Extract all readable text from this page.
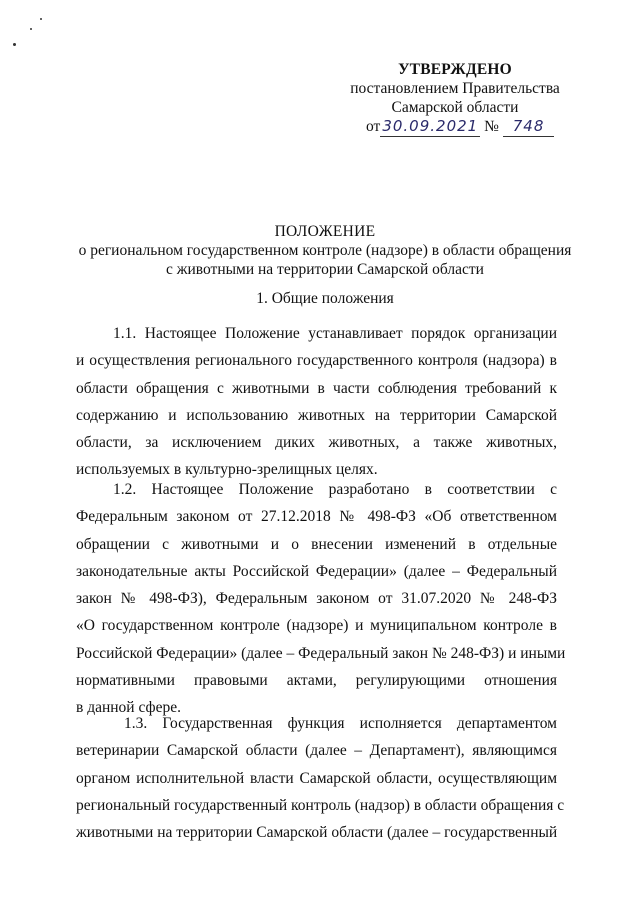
УТВЕРЖДЕНО
постановлением Правительства
Самарской области
от 30.09.2021 № 748
ПОЛОЖЕНИЕ
о региональном государственном контроле (надзоре) в области обращения
с животными на территории Самарской области
1. Общие положения
1.1. Настоящее Положение устанавливает порядок организации
и осуществления регионального государственного контроля (надзора) в
области обращения с животными в части соблюдения требований к
содержанию и использованию животных на территории Самарской
области, за исключением диких животных, а также животных,
используемых в культурно-зрелищных целях.
1.2. Настоящее Положение разработано в соответствии с
Федеральным законом от 27.12.2018 № 498-ФЗ «Об ответственном
обращении с животными и о внесении изменений в отдельные
законодательные акты Российской Федерации» (далее – Федеральный
закон № 498-ФЗ), Федеральным законом от 31.07.2020 № 248-ФЗ
«О государственном контроле (надзоре) и муниципальном контроле в
Российской Федерации» (далее – Федеральный закон № 248-ФЗ) и иными
нормативными правовыми актами, регулирующими отношения
в данной сфере.
1.3. Государственная функция исполняется департаментом
ветеринарии Самарской области (далее – Департамент), являющимся
органом исполнительной власти Самарской области, осуществляющим
региональный государственный контроль (надзор) в области обращения с
животными на территории Самарской области (далее – государственный
